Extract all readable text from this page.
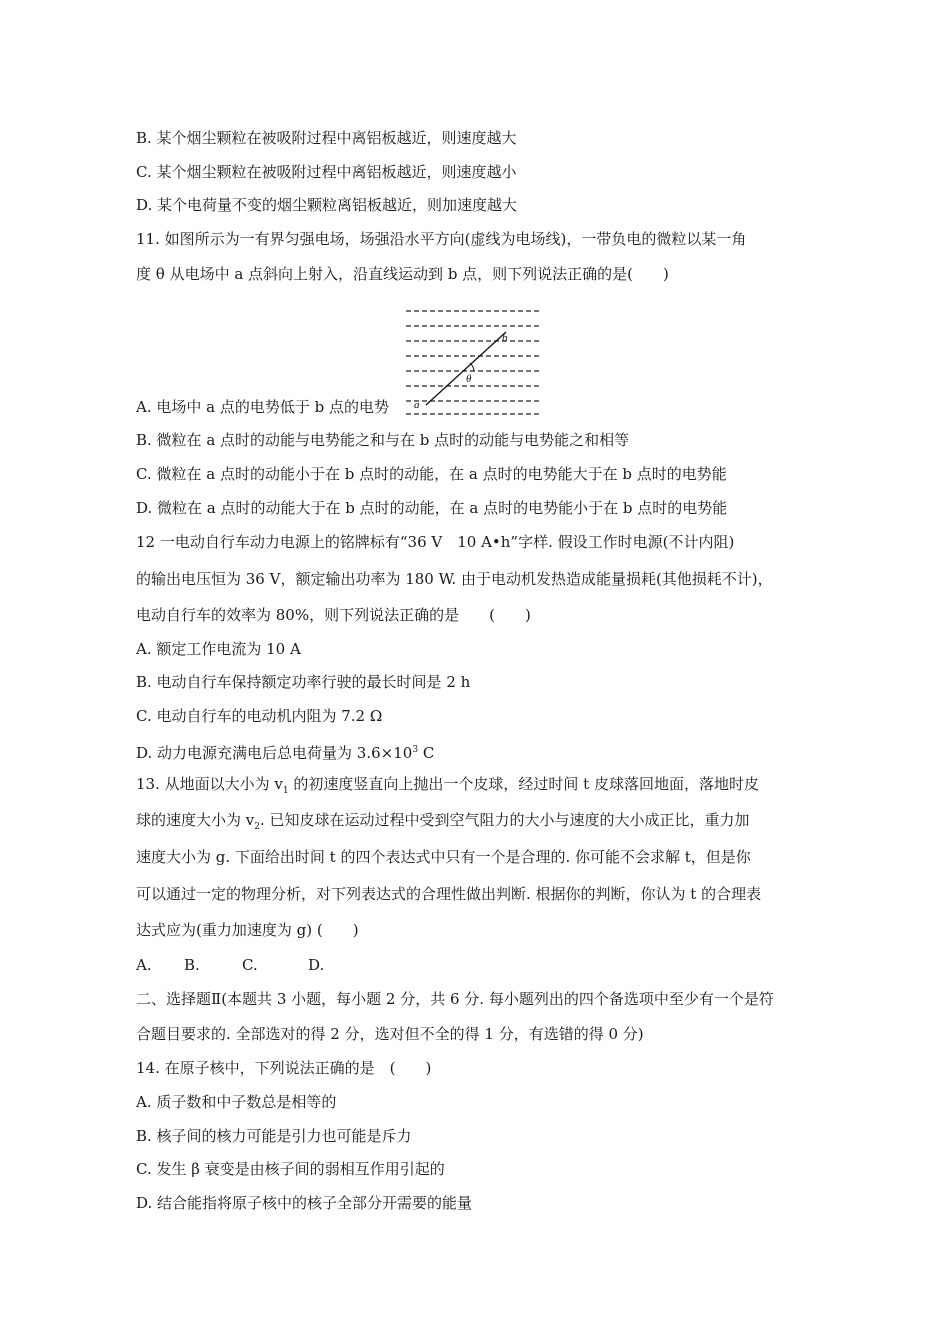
B. 某个烟尘颗粒在被吸附过程中离铝板越近，则速度越大
C. 某个烟尘颗粒在被吸附过程中离铝板越近，则速度越小
D. 某个电荷量不变的烟尘颗粒离铝板越近，则加速度越大
11. 如图所示为一有界匀强电场，场强沿水平方向(虚线为电场线)，一带负电的微粒以某一角
度 θ 从电场中 a 点斜向上射入，沿直线运动到 b 点，则下列说法正确的是(　　)
a
b
θ
A. 电场中 a 点的电势低于 b 点的电势
B. 微粒在 a 点时的动能与电势能之和与在 b 点时的动能与电势能之和相等
C. 微粒在 a 点时的动能小于在 b 点时的动能，在 a 点时的电势能大于在 b 点时的电势能
D. 微粒在 a 点时的动能大于在 b 点时的动能，在 a 点时的电势能小于在 b 点时的电势能
12 一电动自行车动力电源上的铭牌标有“36 V　10 A•h”字样. 假设工作时电源(不计内阻)
的输出电压恒为 36 V，额定输出功率为 180 W. 由于电动机发热造成能量损耗(其他损耗不计)，
电动自行车的效率为 80%，则下列说法正确的是　　(　　)
A. 额定工作电流为 10 A
B. 电动自行车保持额定功率行驶的最长时间是 2 h
C. 电动自行车的电动机内阻为 7.2 Ω
D. 动力电源充满电后总电荷量为 $3.6\times 10^3$ C
13. 从地面以大小为 $v_1$ 的初速度竖直向上抛出一个皮球，经过时间 t 皮球落回地面，落地时皮
球的速度大小为 $v_2$. 已知皮球在运动过程中受到空气阻力的大小与速度的大小成正比，重力加
速度大小为 g. 下面给出时间 t 的四个表达式中只有一个是合理的. 你可能不会求解 t，但是你
可以通过一定的物理分析，对下列表达式的合理性做出判断. 根据你的判断，你认为 t 的合理表
达式应为(重力加速度为 g) (　　)
A. B.	C.	D.
二、选择题Ⅱ(本题共 3 小题，每小题 2 分，共 6 分. 每小题列出的四个备选项中至少有一个是符
合题目要求的. 全部选对的得 2 分，选对但不全的得 1 分，有选错的得 0 分)
14. 在原子核中，下列说法正确的是　(　　)
A. 质子数和中子数总是相等的
B. 核子间的核力可能是引力也可能是斥力
C. 发生 β 衰变是由核子间的弱相互作用引起的
D. 结合能指将原子核中的核子全部分开需要的能量
